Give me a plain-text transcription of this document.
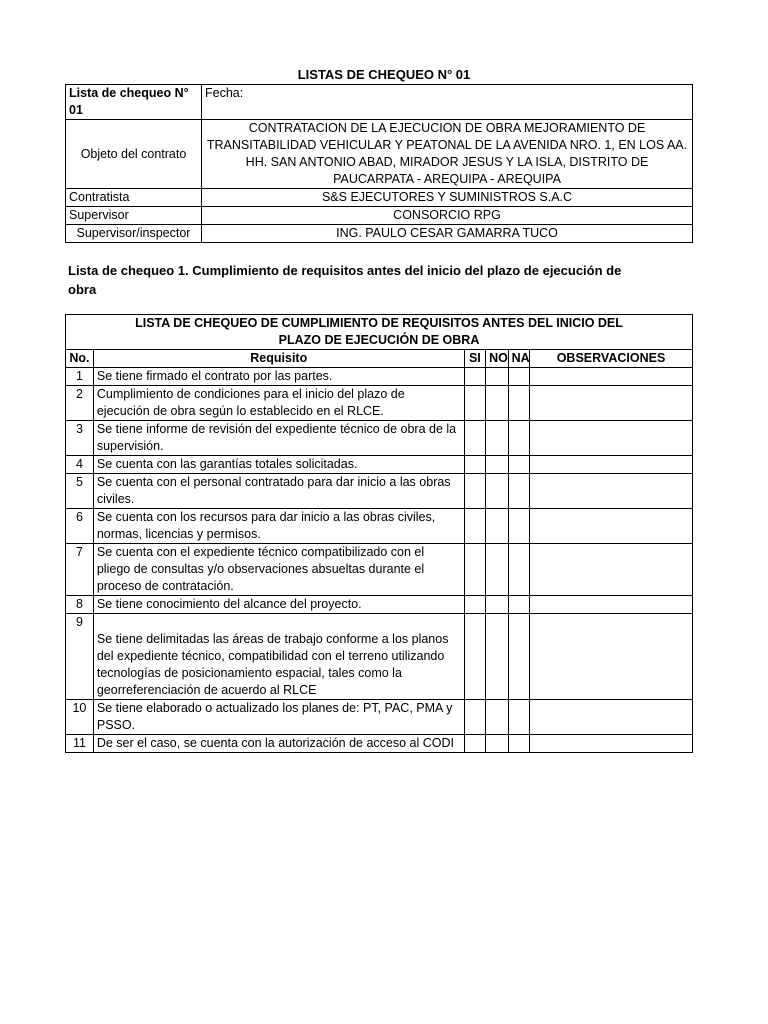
LISTAS DE CHEQUEO N° 01
Lista de chequeo N° 01	Fecha:
Objeto del contrato	CONTRATACION DE LA EJECUCION DE OBRA MEJORAMIENTO DE TRANSITABILIDAD VEHICULAR Y PEATONAL DE LA AVENIDA NRO. 1, EN LOS AA. HH. SAN ANTONIO ABAD, MIRADOR JESUS Y LA ISLA, DISTRITO DE PAUCARPATA - AREQUIPA - AREQUIPA
Contratista	S&S EJECUTORES Y SUMINISTROS S.A.C
Supervisor	CONSORCIO RPG
Supervisor/inspector	ING. PAULO CESAR GAMARRA TUCO
Lista de chequeo 1. Cumplimiento de requisitos antes del inicio del plazo de ejecución de obra
LISTA DE CHEQUEO DE CUMPLIMIENTO DE REQUISITOS ANTES DEL INICIO DEL PLAZO DE EJECUCIÓN DE OBRA					
No.	Requisito	SI	NO	NA	OBSERVACIONES
1	Se tiene firmado el contrato por las partes.				
2	Cumplimiento de condiciones para el inicio del plazo de ejecución de obra según lo establecido en el RLCE.				
3	Se tiene informe de revisión del expediente técnico de obra de la supervisión.				
4	Se cuenta con las garantías totales solicitadas.				
5	Se cuenta con el personal contratado para dar inicio a las obras civiles.				
6	Se cuenta con los recursos para dar inicio a las obras civiles, normas, licencias y permisos.				
7	Se cuenta con el expediente técnico compatibilizado con el pliego de consultas y/o observaciones absueltas durante el proceso de contratación.				
8	Se tiene conocimiento del alcance del proyecto.				
9	Se tiene delimitadas las áreas de trabajo conforme a los planos del expediente técnico, compatibilidad con el terreno utilizando tecnologías de posicionamiento espacial, tales como la georreferenciación de acuerdo al RLCE				

10	Se tiene elaborado o actualizado los planes de: PT, PAC, PMA y PSSO.				
11	De ser el caso, se cuenta con la autorización de acceso al CODI				
